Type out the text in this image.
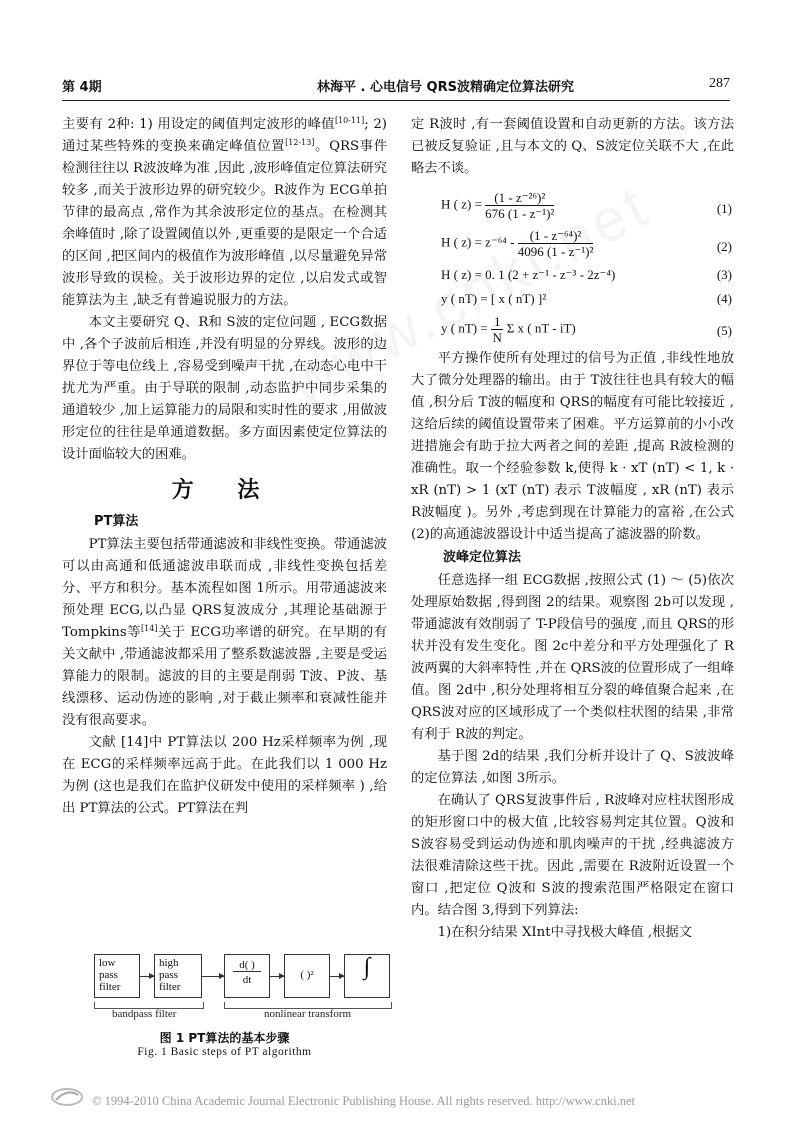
第 4期	林海平 . 心电信号 QRS波精确定位算法研究	287

主要有 2种: 1) 用设定的阈值判定波形的峰值[10-11]; 2) 通过某些特殊的变换来确定峰值位置[12-13]。QRS事件检测往往以 R波波峰为准 ,因此 ,波形峰值定位算法研究较多 ,而关于波形边界的研究较少。R波作为 ECG单拍节律的最高点 ,常作为其余波形定位的基点。在检测其余峰值时 ,除了设置阈值以外 ,更重要的是限定一个合适的区间 ,把区间内的极值作为波形峰值 ,以尽量避免异常波形导致的误检。关于波形边界的定位 ,以启发式或智能算法为主 ,缺乏有普遍说服力的方法。

本文主要研究 Q、R和 S波的定位问题 , ECG数据中 ,各个子波前后相连 ,并没有明显的分界线。波形的边界位于等电位线上 ,容易受到噪声干扰 ,在动态心电中干扰尤为严重。由于导联的限制 ,动态监护中同步采集的通道较少 ,加上运算能力的局限和实时性的要求 ,用做波形定位的往往是单通道数据。多方面因素使定位算法的设计面临较大的困难。

方 法
PT算法

PT算法主要包括带通滤波和非线性变换。带通滤波可以由高通和低通滤波串联而成 ,非线性变换包括差分、平方和积分。基本流程如图 1所示。用带通滤波来预处理 ECG,以凸显 QRS复波成分 ,其理论基础源于 Tompkins等[14]关于 ECG功率谱的研究。在早期的有关文献中 ,带通滤波都采用了整系数滤波器 ,主要是受运算能力的限制。滤波的目的主要是削弱 T波、P波、基线漂移、运动伪迹的影响 ,对于截止频率和衰减性能并没有很高要求。

文献 [14]中 PT算法以 200 Hz采样频率为例 ,现在 ECG的采样频率远高于此。在此我们以 1 000 Hz为例 (这也是我们在监护仪研发中使用的采样频率 ) ,给出 PT算法的公式。PT算法在判

low
pass
filter
high
pass
filter
d( )
dt	( )²	∫
bandpass filter	nonlinear transform
图 1 PT算法的基本步骤
Fig. 1 Basic steps of PT algorithm

定 R波时 ,有一套阈值设置和自动更新的方法。该方法已被反复验证 ,且与本文的 Q、S波定位关联不大 ,在此略去不谈。

H ( $z) = \frac{\text{(1 - z⁻²⁶)²}}{\text{676 (1 - z⁻¹)²}}$	(1)
H ( $z) = z^{-64} - \frac{\text{(1 - z⁻⁶⁴)²}}{\text{4096 (1 - z⁻¹)²}}$	(2)
H ( z) = 0. 1 (2 + z⁻¹ - z⁻³ - 2z⁻⁴)	(3)
y ( nT) = [ x ( nT) ]²	(4)
y ( $nT) = \frac{1}{N}$ Σ x ( nT - iT)	(5)

平方操作使所有处理过的信号为正值 ,非线性地放大了微分处理器的输出。由于 T波往往也具有较大的幅值 ,积分后 T波的幅度和 QRS的幅度有可能比较接近 ,这给后续的阈值设置带来了困难。平方运算前的小小改进措施会有助于拉大两者之间的差距 ,提高 R波检测的准确性。取一个经验参数 k,使得 k · xT (nT) < 1, k · xR (nT) > 1 (xT (nT) 表示 T波幅度 , xR (nT) 表示 R波幅度 )。另外 ,考虑到现在计算能力的富裕 ,在公式 (2)的高通滤波器设计中适当提高了滤波器的阶数。

波峰定位算法

任意选择一组 ECG数据 ,按照公式 (1) ～ (5)依次处理原始数据 ,得到图 2的结果。观察图 2b可以发现 ,带通滤波有效削弱了 T-P段信号的强度 ,而且 QRS的形状并没有发生变化。图 2c中差分和平方处理强化了 R波两翼的大斜率特性 ,并在 QRS波的位置形成了一组峰值。图 2d中 ,积分处理将相互分裂的峰值聚合起来 ,在 QRS波对应的区域形成了一个类似柱状图的结果 ,非常有利于 R波的判定。

基于图 2d的结果 ,我们分析并设计了 Q、S波波峰的定位算法 ,如图 3所示。

在确认了 QRS复波事件后 , R波峰对应柱状图形成的矩形窗口中的极大值 ,比较容易判定其位置。Q波和 S波容易受到运动伪迹和肌肉噪声的干扰 ,经典滤波方法很难清除这些干扰。因此 ,需要在 R波附近设置一个窗口 ,把定位 Q波和 S波的搜索范围严格限定在窗口内。结合图 3,得到下列算法:

1)在积分结果 XInt中寻找极大峰值 ,根据文

© 1994-2010 China Academic Journal Electronic Publishing House. All rights reserved. http://www.cnki.net
